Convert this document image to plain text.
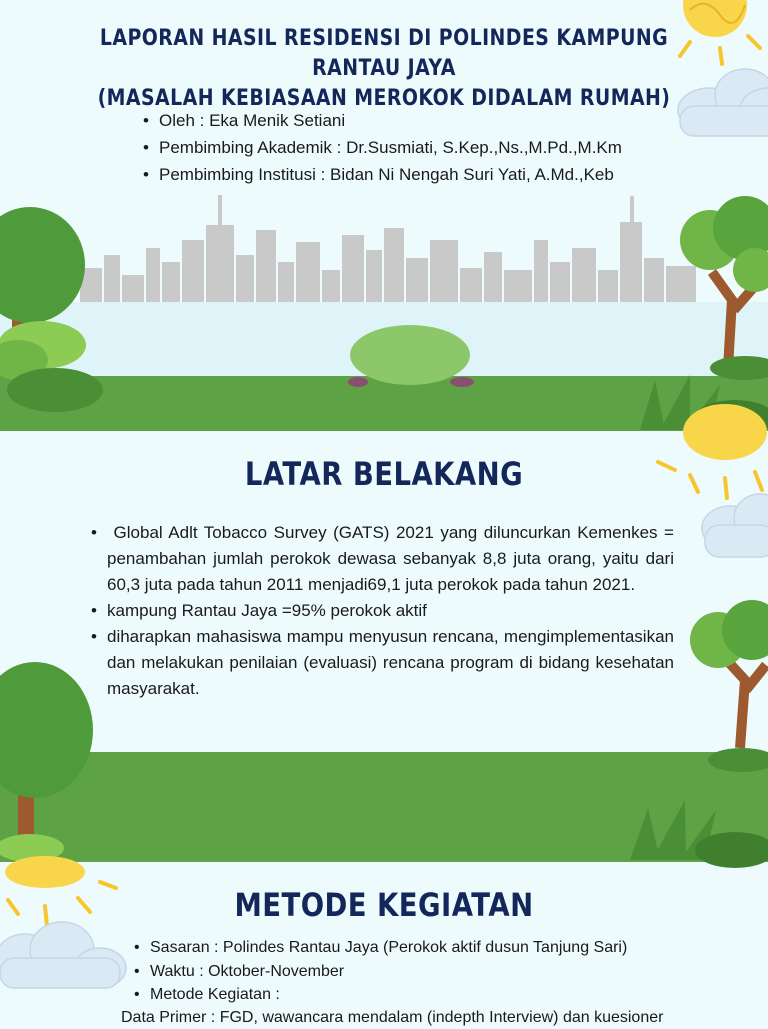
LAPORAN HASIL RESIDENSI DI POLINDES KAMPUNG RANTAU JAYA
(MASALAH KEBIASAAN MEROKOK DIDALAM RUMAH)
• Oleh : Eka Menik Setiani
• Pembimbing Akademik : Dr.Susmiati, S.Kep.,Ns.,M.Pd.,M.Km
• Pembimbing Institusi : Bidan Ni Nengah Suri Yati, A.Md.,Keb
LATAR BELAKANG
• Global Adlt Tobacco Survey (GATS) 2021 yang diluncurkan Kemenkes = penambahan jumlah perokok dewasa sebanyak 8,8 juta orang, yaitu dari 60,3 juta pada tahun 2011 menjadi69,1 juta perokok pada tahun 2021.
• kampung Rantau Jaya =95% perokok aktif
• diharapkan mahasiswa mampu menyusun rencana, mengimplementasikan dan melakukan penilaian (evaluasi) rencana program di bidang kesehatan masyarakat.
METODE KEGIATAN
• Sasaran : Polindes Rantau Jaya (Perokok aktif dusun Tanjung Sari)
• Waktu : Oktober-November
• Metode Kegiatan :
Data Primer : FGD, wawancara mendalam (indepth Interview) dan kuesioner
